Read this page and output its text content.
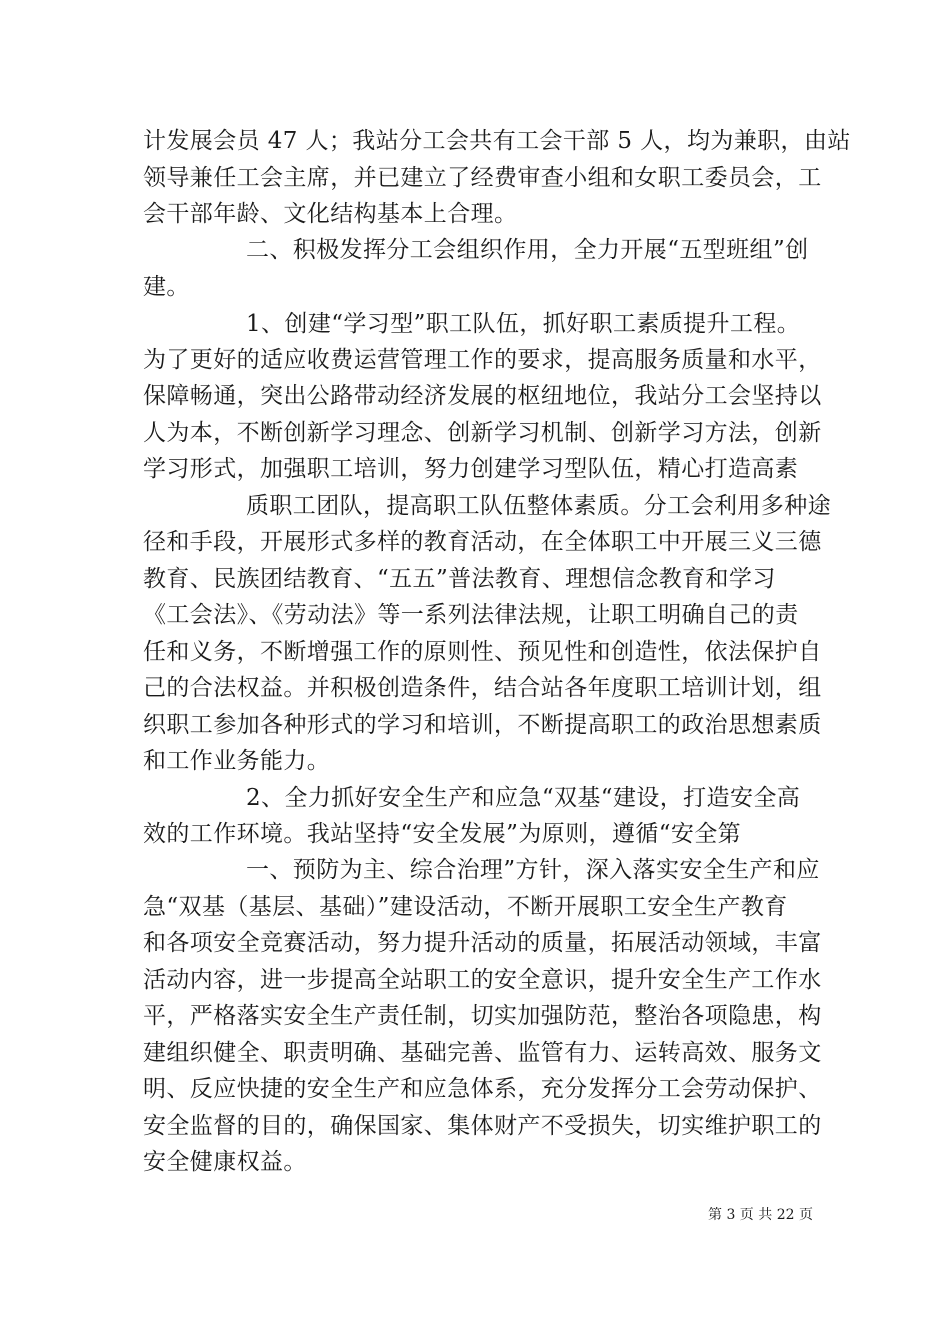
计发展会员 47 人；我站分工会共有工会干部 5 人，均为兼职，由站
领导兼任工会主席，并已建立了经费审查小组和女职工委员会，工
会干部年龄、文化结构基本上合理。
二、积极发挥分工会组织作用，全力开展“五型班组”创
建。
1、创建“学习型”职工队伍，抓好职工素质提升工程。
为了更好的适应收费运营管理工作的要求，提高服务质量和水平，
保障畅通，突出公路带动经济发展的枢纽地位，我站分工会坚持以
人为本，不断创新学习理念、创新学习机制、创新学习方法，创新
学习形式，加强职工培训，努力创建学习型队伍，精心打造高素
质职工团队，提高职工队伍整体素质。分工会利用多种途
径和手段，开展形式多样的教育活动，在全体职工中开展三义三德
教育、民族团结教育、“五五”普法教育、理想信念教育和学习
《工会法》、《劳动法》等一系列法律法规，让职工明确自己的责
任和义务，不断增强工作的原则性、预见性和创造性，依法保护自
己的合法权益。并积极创造条件，结合站各年度职工培训计划，组
织职工参加各种形式的学习和培训，不断提高职工的政治思想素质
和工作业务能力。
2、全力抓好安全生产和应急“双基“建设，打造安全高
效的工作环境。我站坚持“安全发展”为原则，遵循“安全第
一、预防为主、综合治理”方针，深入落实安全生产和应
急“双基（基层、基础）”建设活动，不断开展职工安全生产教育
和各项安全竞赛活动，努力提升活动的质量，拓展活动领域，丰富
活动内容，进一步提高全站职工的安全意识，提升安全生产工作水
平，严格落实安全生产责任制，切实加强防范，整治各项隐患，构
建组织健全、职责明确、基础完善、监管有力、运转高效、服务文
明、反应快捷的安全生产和应急体系，充分发挥分工会劳动保护、
安全监督的目的，确保国家、集体财产不受损失，切实维护职工的
安全健康权益。
第 3 页 共 22 页
